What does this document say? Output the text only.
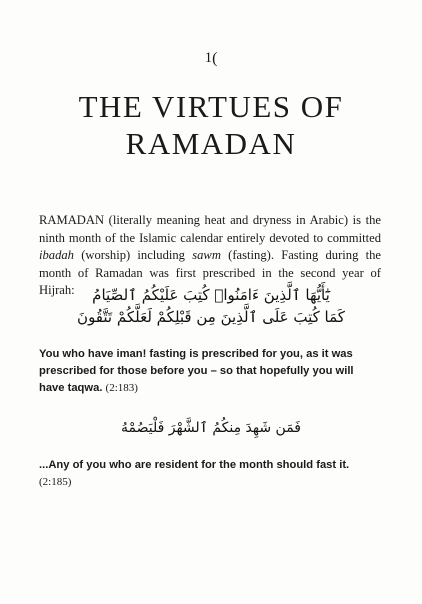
1(
THE VIRTUES OF
RAMADAN

RAMADAN (literally meaning heat and dryness in Arabic) is the ninth month of the Islamic calendar entirely devoted to committed ibadah (worship) including sawm (fasting). Fasting during the month of Ramadan was first prescribed in the second year of Hijrah:	يَٰٓأَيُّهَا ٱلَّذِينَ ءَامَنُوا۟ كُتِبَ عَلَيْكُمُ ٱلصِّيَامُ
كَمَا كُتِبَ عَلَى ٱلَّذِينَ مِن قَبْلِكُمْ لَعَلَّكُمْ تَتَّقُونَ

You who have iman! fasting is prescribed for you, as it was prescribed for those before you – so that hopefully you will have taqwa. (2:183)

فَمَن شَهِدَ مِنكُمُ ٱلشَّهْرَ فَلْيَصُمْهُ

...Any of you who are resident for the month should fast it. (2:185)
